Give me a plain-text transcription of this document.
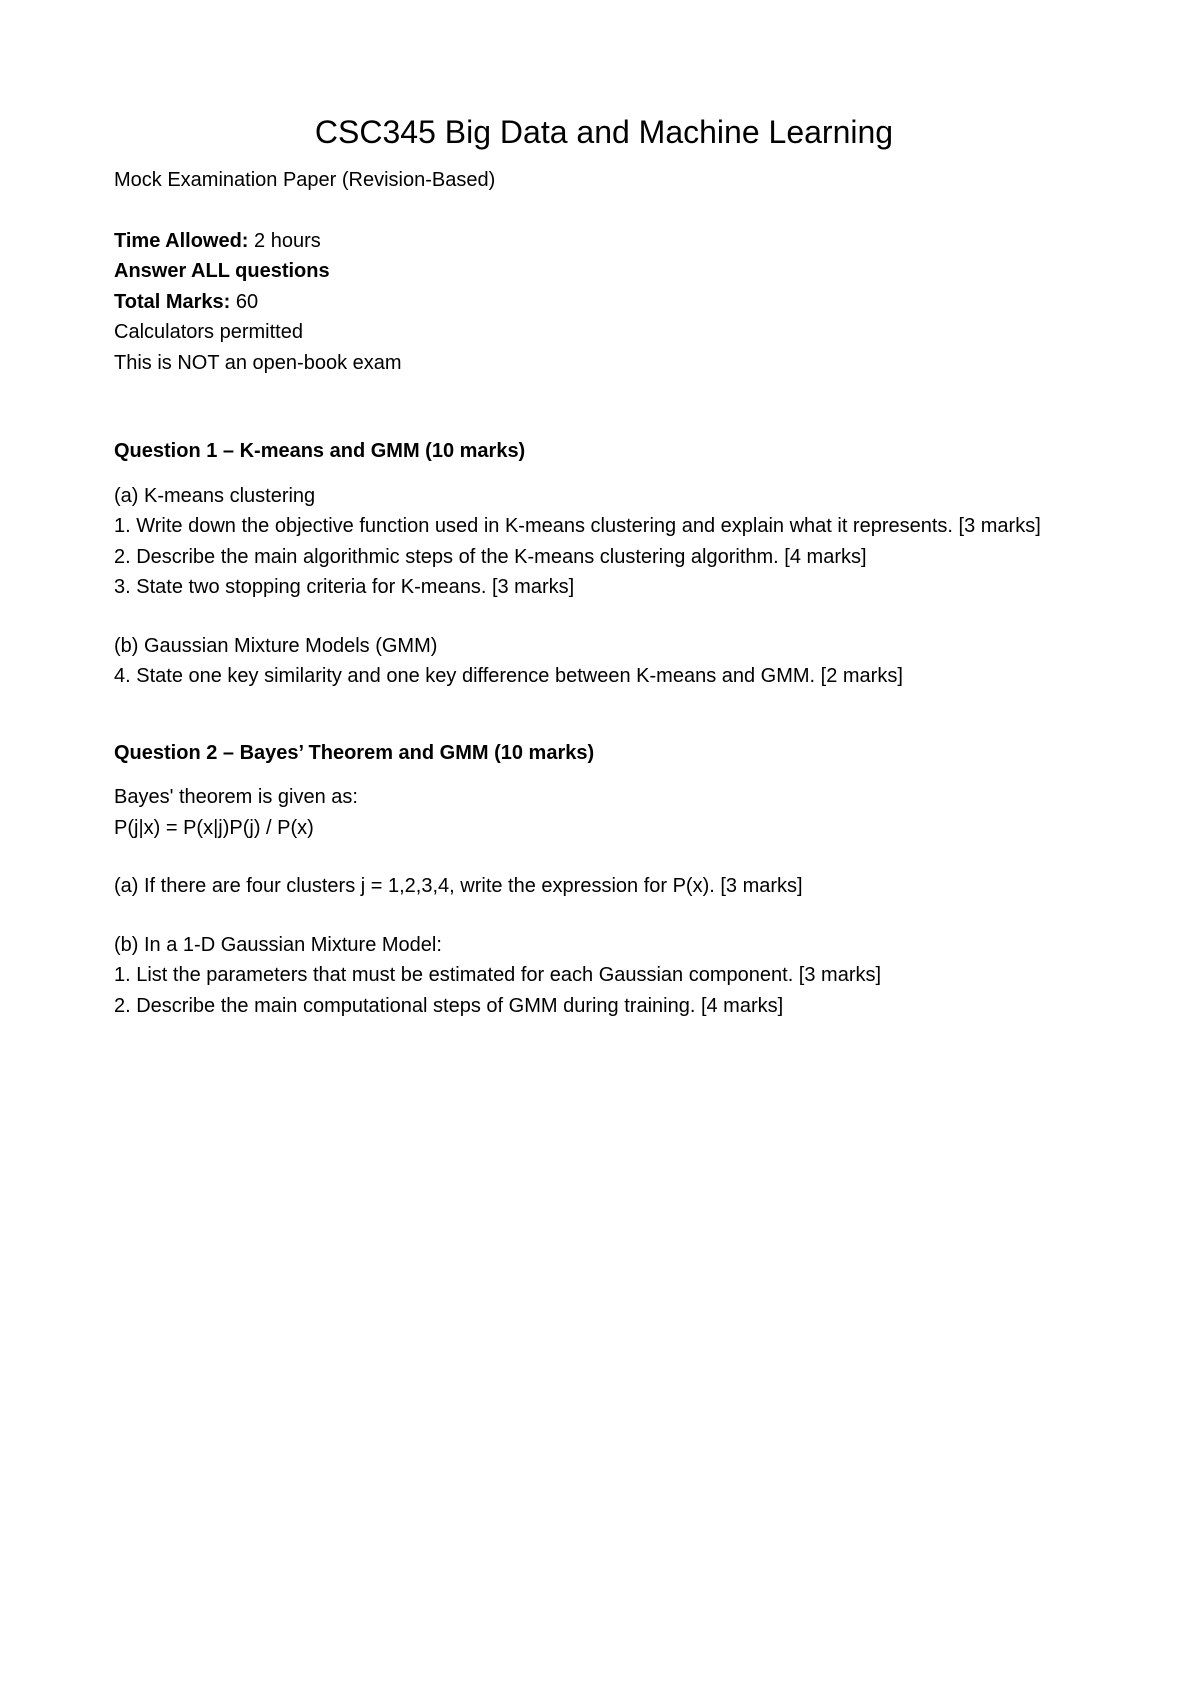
CSC345 Big Data and Machine Learning

Mock Examination Paper (Revision-Based)

Time Allowed: 2 hours

Answer ALL questions

Total Marks: 60

Calculators permitted

This is NOT an open-book exam

Question 1 – K-means and GMM (10 marks)

(a) K-means clustering

1. Write down the objective function used in K-means clustering and explain what it represents. [3 marks]

2. Describe the main algorithmic steps of the K-means clustering algorithm. [4 marks]

3. State two stopping criteria for K-means. [3 marks]

(b) Gaussian Mixture Models (GMM)

4. State one key similarity and one key difference between K-means and GMM. [2 marks]

Question 2 – Bayes’ Theorem and GMM (10 marks)

Bayes' theorem is given as:

P(j|x) = P(x|j)P(j) / P(x)

(a) If there are four clusters j = 1,2,3,4, write the expression for P(x). [3 marks]

(b) In a 1-D Gaussian Mixture Model:

1. List the parameters that must be estimated for each Gaussian component. [3 marks]

2. Describe the main computational steps of GMM during training. [4 marks]
